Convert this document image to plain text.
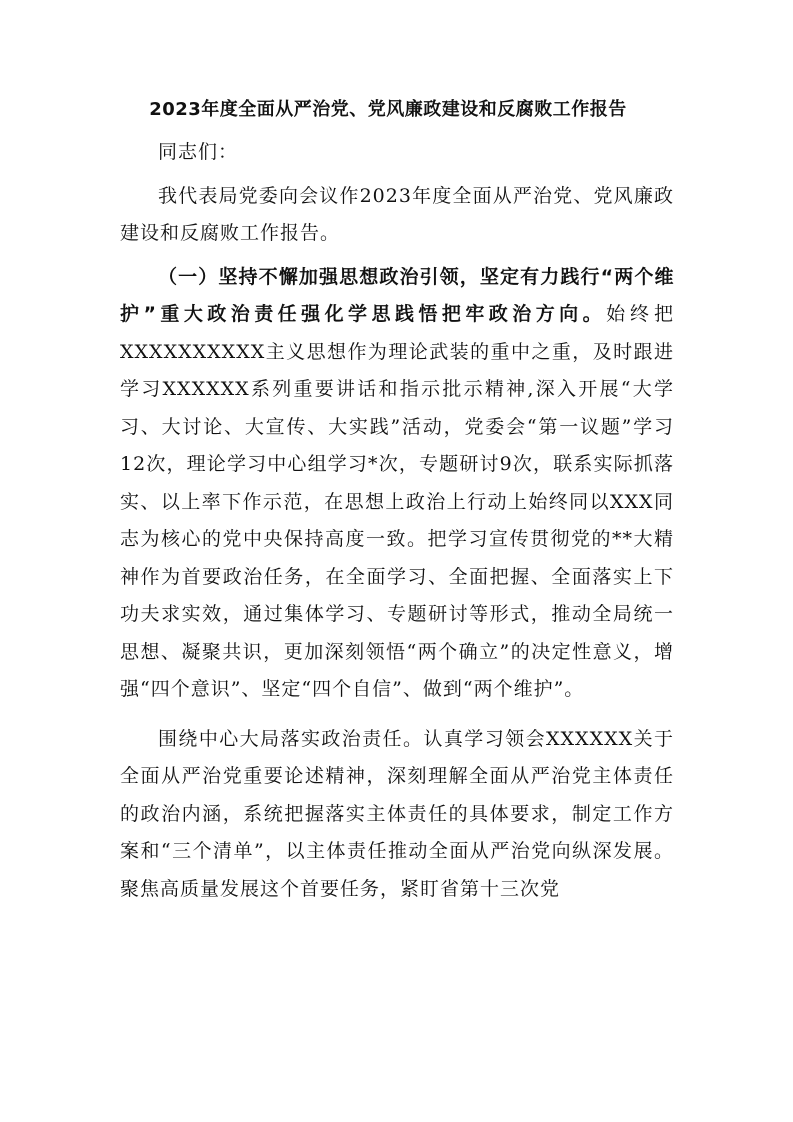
2023年度全面从严治党、党风廉政建设和反腐败工作报告

同志们：

我代表局党委向会议作2023年度全面从严治党、党风廉政建设和反腐败工作报告。

（一）坚持不懈加强思想政治引领，坚定有力践行“两个维护”重大政治责任强化学思践悟把牢政治方向。始终把XXXXXXXXXX主义思想作为理论武装的重中之重，及时跟进学习XXXXXX系列重要讲话和指示批示精神,深入开展“大学习、大讨论、大宣传、大实践”活动，党委会“第一议题”学习12次，理论学习中心组学习*次，专题研讨9次，联系实际抓落实、以上率下作示范，在思想上政治上行动上始终同以XXX同志为核心的党中央保持高度一致。把学习宣传贯彻党的**大精神作为首要政治任务，在全面学习、全面把握、全面落实上下功夫求实效，通过集体学习、专题研讨等形式，推动全局统一思想、凝聚共识，更加深刻领悟“两个确立”的决定性意义，增强“四个意识”、坚定“四个自信”、做到“两个维护”。

围绕中心大局落实政治责任。认真学习领会XXXXXX关于全面从严治党重要论述精神，深刻理解全面从严治党主体责任的政治内涵，系统把握落实主体责任的具体要求，制定工作方案和“三个清单”，以主体责任推动全面从严治党向纵深发展。聚焦高质量发展这个首要任务，紧盯省第十三次党
